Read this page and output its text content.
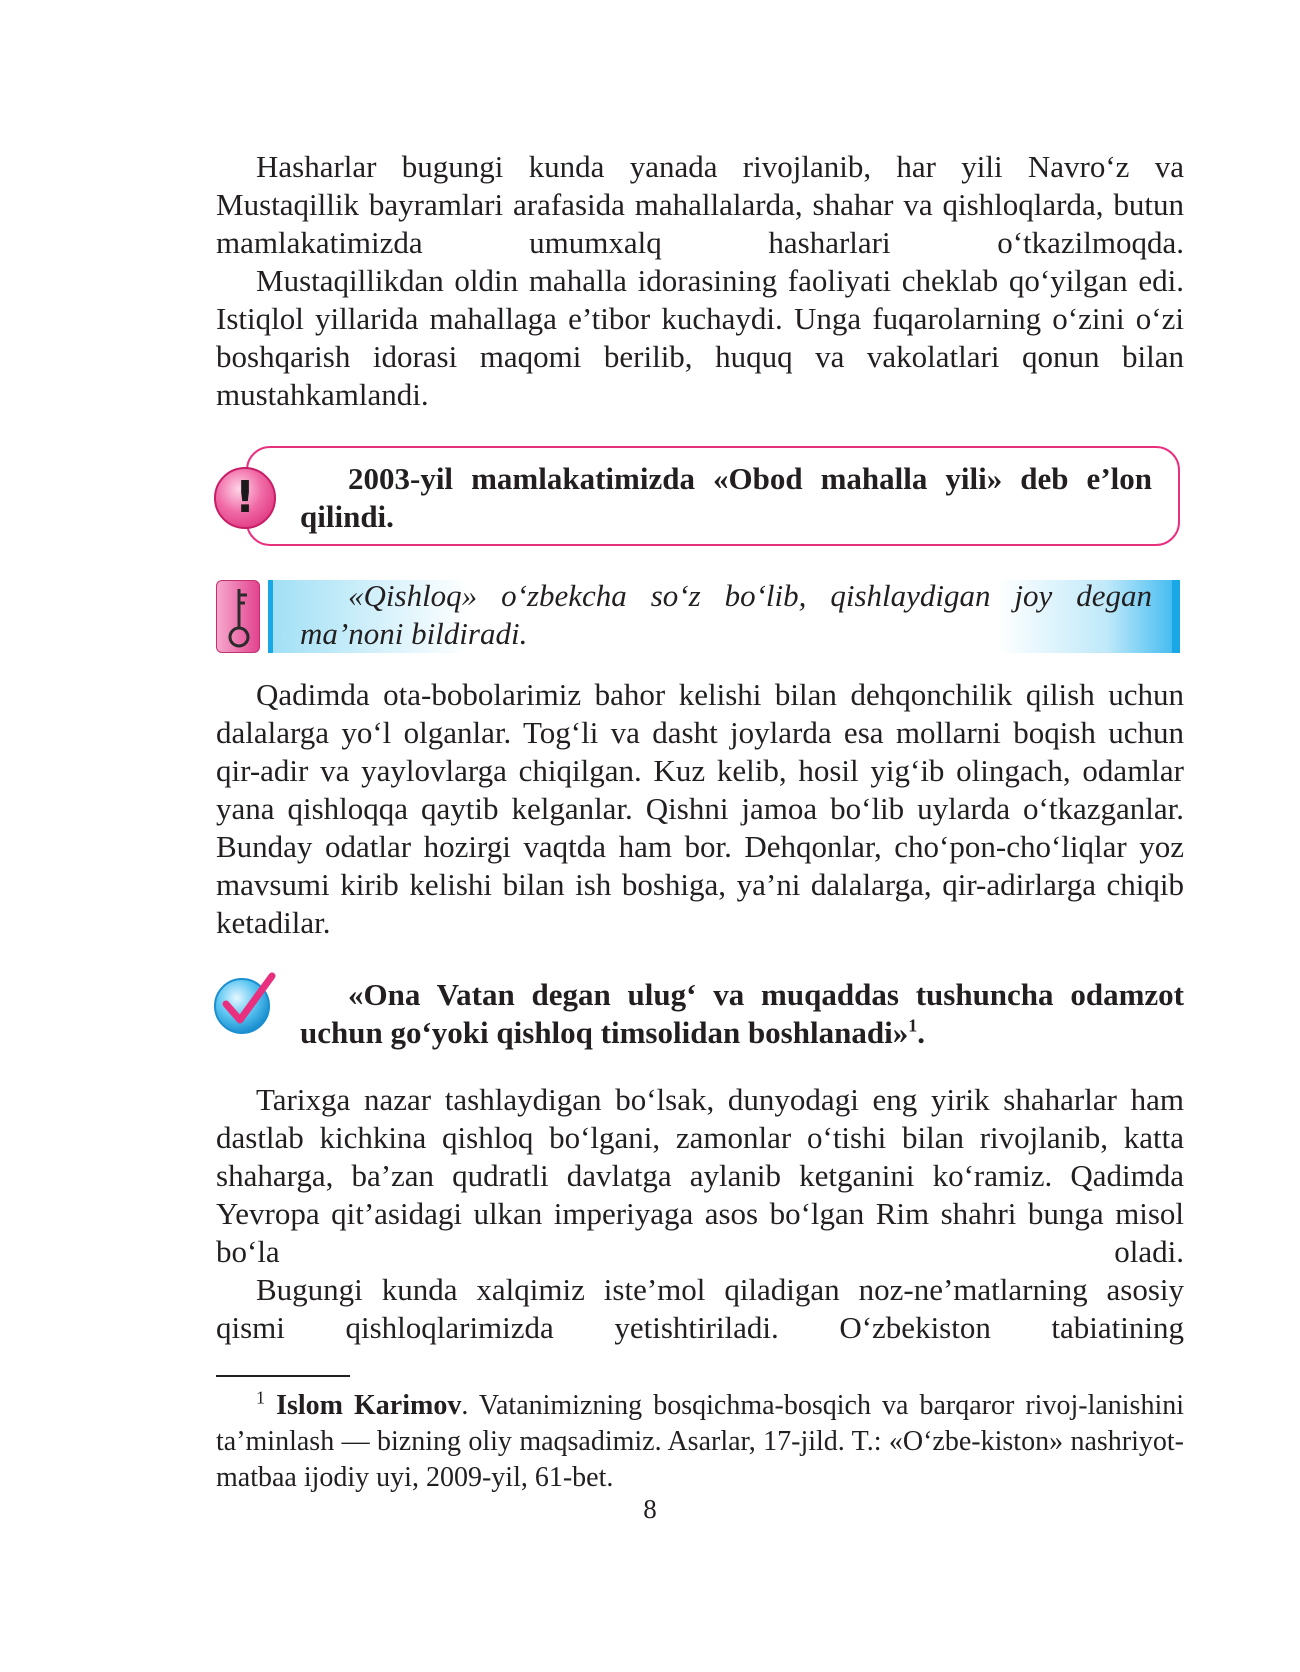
Hasharlar bugungi kunda yanada rivojlanib, har yili Navro‘z va Mustaqillik bayramlari arafasida mahallalarda, shahar va qishloqlarda, butun mamlakatimizda umumxalq hasharlari o‘tkazilmoqda.

Mustaqillikdan oldin mahalla idorasining faoliyati cheklab qo‘yilgan edi. Istiqlol yillarida mahallaga e’tibor kuchaydi. Unga fuqarolarning o‘zini o‘zi boshqarish idorasi maqomi berilib, huquq va vakolatlari qonun bilan mustahkamlandi.

!	2003-yil mamlakatimizda «Obod mahalla yili» deb e’lon qilindi.

«Qishloq» o‘zbekcha so‘z bo‘lib, qishlaydigan joy degan ma’noni bildiradi.

Qadimda ota-bobolarimiz bahor kelishi bilan dehqonchilik qilish uchun dalalarga yo‘l olganlar. Tog‘li va dasht joylarda esa mollarni boqish uchun qir-adir va yaylovlarga chiqilgan. Kuz kelib, hosil yig‘ib olingach, odamlar yana qishloqqa qaytib kelganlar. Qishni jamoa bo‘lib uylarda o‘tkazganlar. Bunday odatlar hozirgi vaqtda ham bor. Dehqonlar, cho‘pon-cho‘liqlar yoz mavsumi kirib kelishi bilan ish boshiga, ya’ni dalalarga, qir-adirlarga chiqib ketadilar.

«Ona Vatan degan ulug‘ va muqaddas tushuncha odamzot uchun go‘yoki qishloq timsolidan boshlanadi»$^1$.

Tarixga nazar tashlaydigan bo‘lsak, dunyodagi eng yirik shaharlar ham dastlab kichkina qishloq bo‘lgani, zamonlar o‘tishi bilan rivojlanib, katta shaharga, ba’zan qudratli davlatga aylanib ketganini ko‘ramiz. Qadimda Yevropa qit’asidagi ulkan imperiyaga asos bo‘lgan Rim shahri bunga misol bo‘la oladi.

Bugungi kunda xalqimiz iste’mol qiladigan noz-ne’matlarning asosiy qismi qishloqlarimizda yetishtiriladi. O‘zbekiston tabiatining

$^1$ Islom Karimov. Vatanimizning bosqichma-bosqich va barqaror rivoj-lanishini ta’minlash — bizning oliy maqsadimiz. Asarlar, 17-jild. T.: «O‘zbe-kiston» nashriyot-matbaa ijodiy uyi, 2009-yil, 61-bet.

8
